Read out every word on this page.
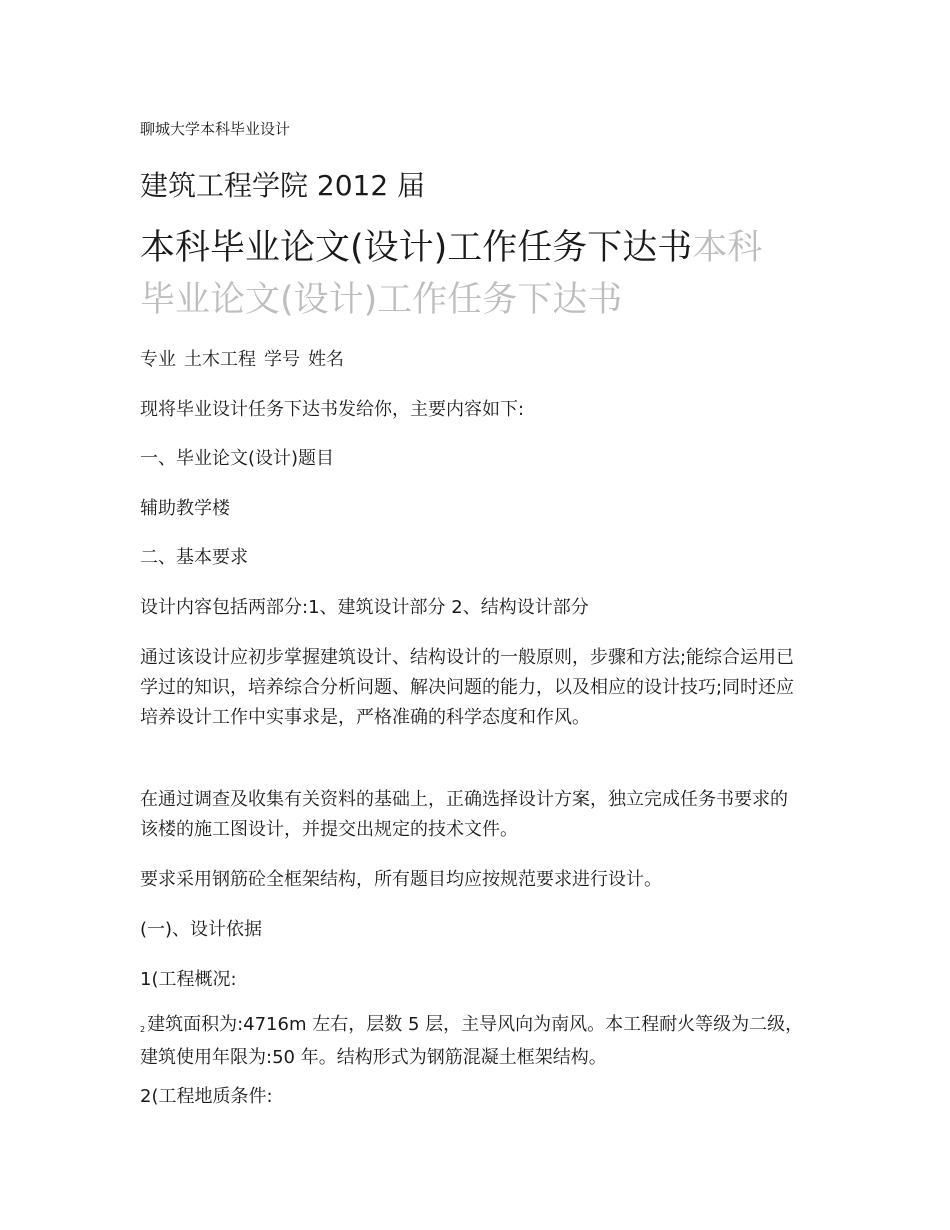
聊城大学本科毕业设计
建筑工程学院 2012 届
本科毕业论文(设计)工作任务下达书本科
毕业论文(设计)工作任务下达书
专业 土木工程 学号 姓名
现将毕业设计任务下达书发给你，主要内容如下:
一、毕业论文(设计)题目
辅助教学楼
二、基本要求
设计内容包括两部分:1、建筑设计部分 2、结构设计部分
通过该设计应初步掌握建筑设计、结构设计的一般原则，步骤和方法;能综合运用已学过的知识，培养综合分析问题、解决问题的能力，以及相应的设计技巧;同时还应培养设计工作中实事求是，严格准确的科学态度和作风。
在通过调查及收集有关资料的基础上，正确选择设计方案，独立完成任务书要求的该楼的施工图设计，并提交出规定的技术文件。
要求采用钢筋砼全框架结构，所有题目均应按规范要求进行设计。
(一)、设计依据
1(工程概况:
2 建筑面积为:4716m 左右，层数 5 层，主导风向为南风。本工程耐火等级为二级，建筑使用年限为:50 年。结构形式为钢筋混凝土框架结构。
2(工程地质条件:
